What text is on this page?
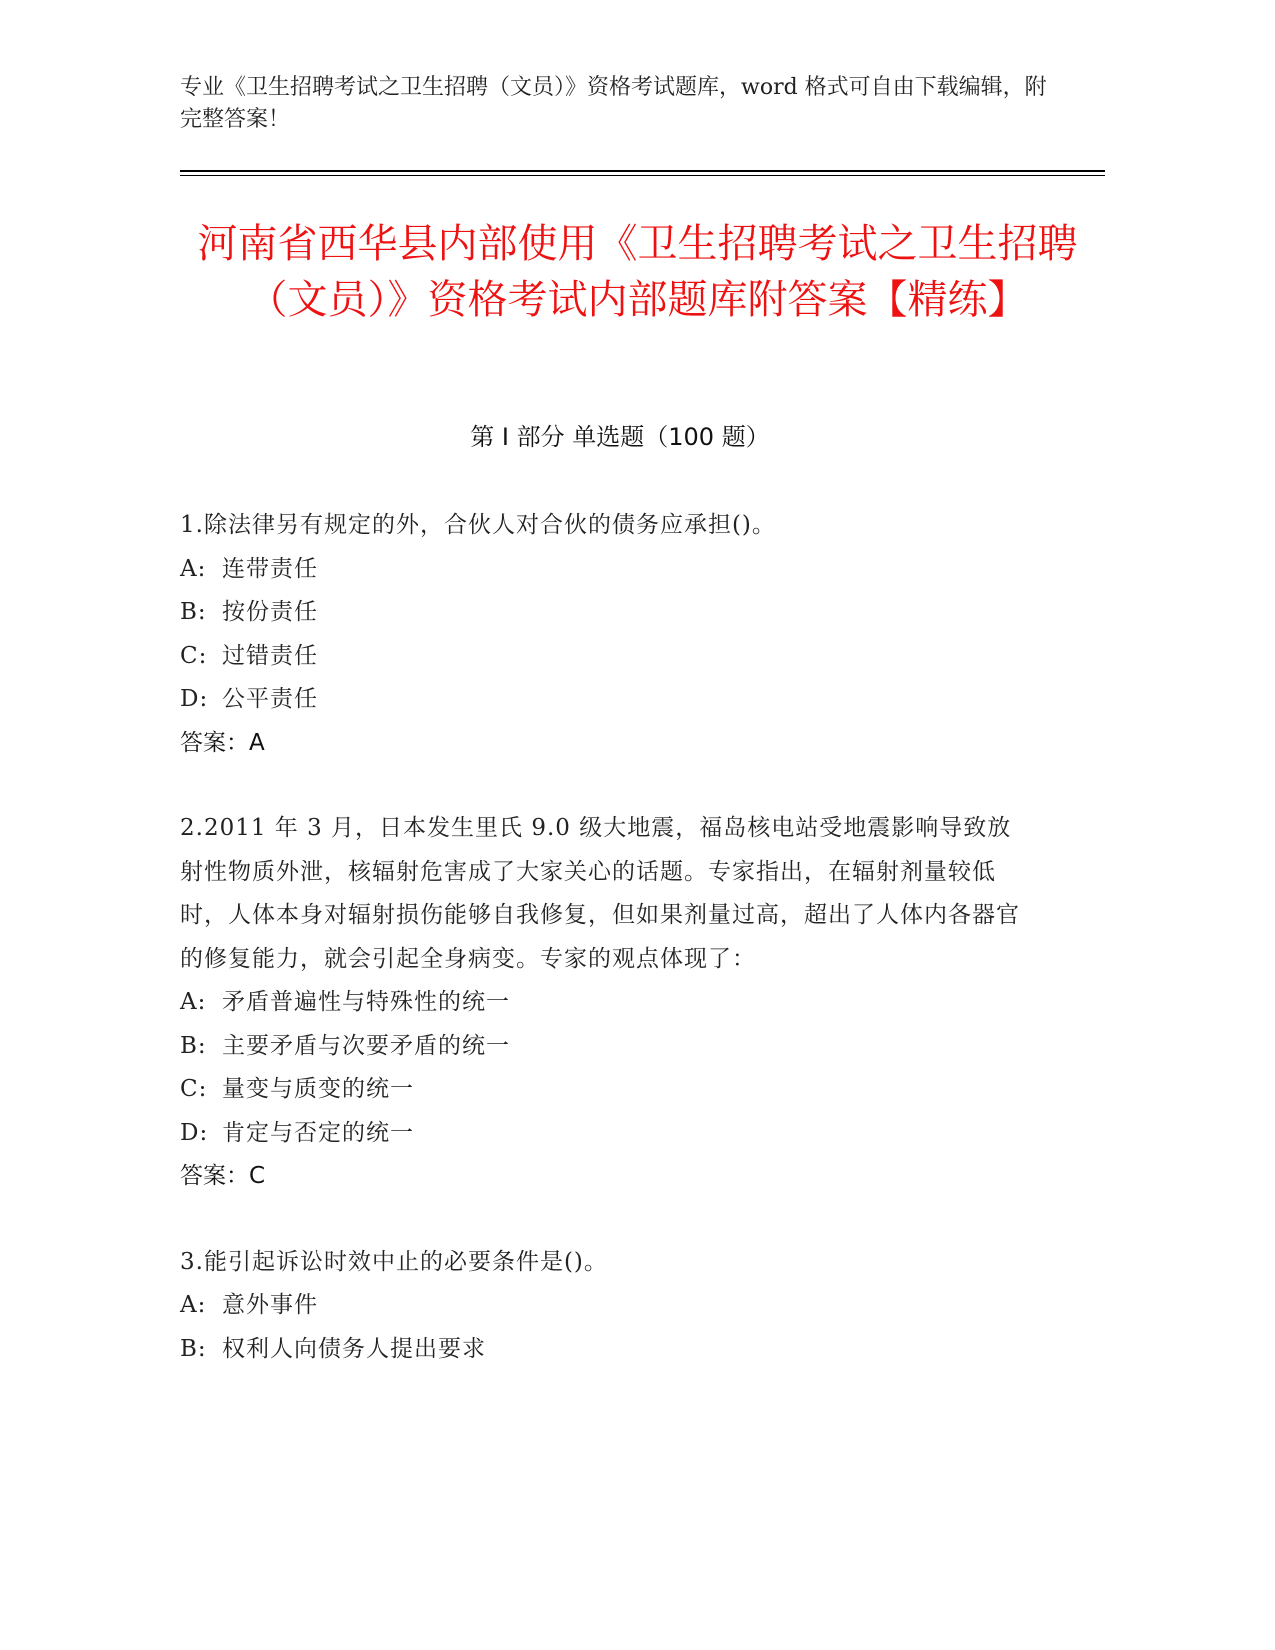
专业《卫生招聘考试之卫生招聘（文员）》资格考试题库，word 格式可自由下载编辑，附完整答案！
河南省西华县内部使用《卫生招聘考试之卫生招聘（文员）》资格考试内部题库附答案【精练】
第 I 部分 单选题（100 题）
1.除法律另有规定的外，合伙人对合伙的债务应承担()。
A: 连带责任
B: 按份责任
C: 过错责任
D: 公平责任
答案：A
2.2011 年 3 月，日本发生里氏 9.0 级大地震，福岛核电站受地震影响导致放射性物质外泄，核辐射危害成了大家关心的话题。专家指出，在辐射剂量较低时，人体本身对辐射损伤能够自我修复，但如果剂量过高，超出了人体内各器官的修复能力，就会引起全身病变。专家的观点体现了：
A: 矛盾普遍性与特殊性的统一
B: 主要矛盾与次要矛盾的统一
C: 量变与质变的统一
D: 肯定与否定的统一
答案：C
3.能引起诉讼时效中止的必要条件是()。
A: 意外事件
B: 权利人向债务人提出要求
